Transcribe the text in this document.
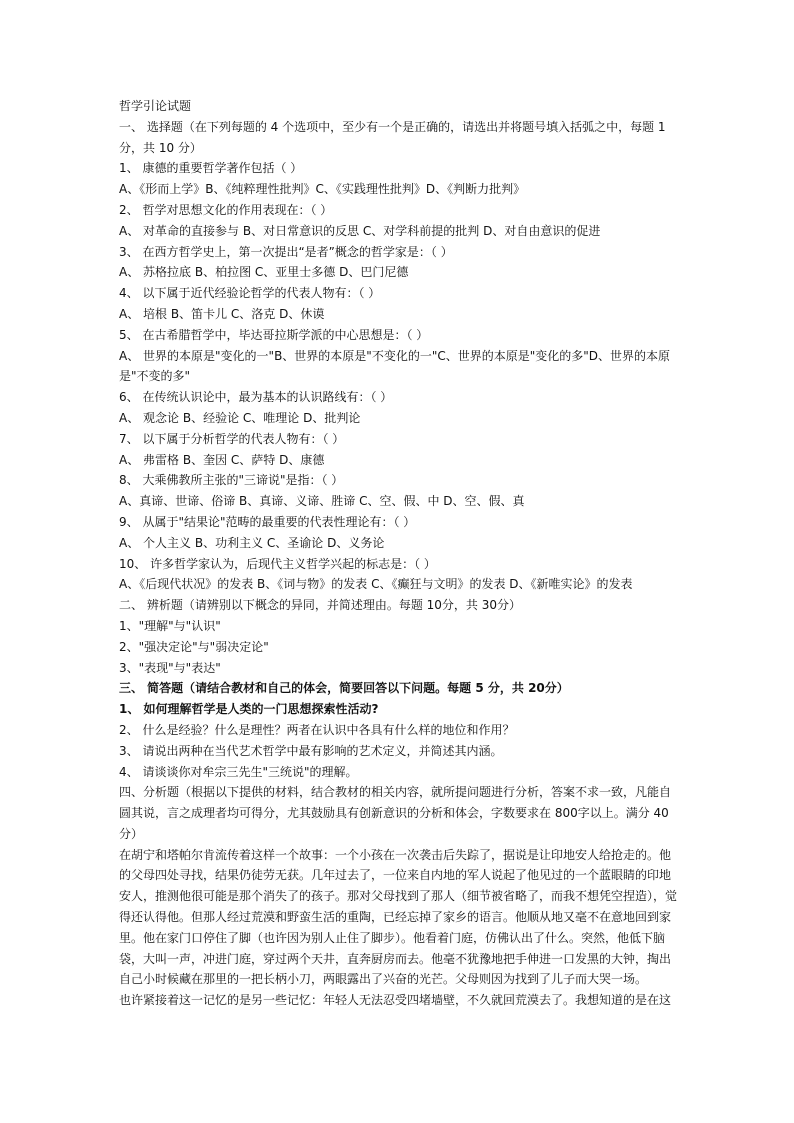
哲学引论试题
一、 选择题（在下列每题的 4 个选项中，至少有一个是正确的，请选出并将题号填入括弧之中，每题 1 分，共 10 分）
1、 康德的重要哲学著作包括（ ）
A、《形而上学》B、《纯粹理性批判》C、《实践理性批判》D、《判断力批判》
2、 哲学对思想文化的作用表现在：（ ）
A、 对革命的直接参与 B、对日常意识的反思 C、对学科前提的批判 D、对自由意识的促进
3、 在西方哲学史上，第一次提出“是者”概念的哲学家是：（ ）
A、 苏格拉底 B、柏拉图 C、亚里士多德 D、巴门尼德
4、 以下属于近代经验论哲学的代表人物有：（ ）
A、 培根 B、笛卡儿 C、洛克 D、休谟
5、 在古希腊哲学中，毕达哥拉斯学派的中心思想是：（ ）
A、 世界的本原是"变化的一"B、世界的本原是"不变化的一"C、世界的本原是"变化的多"D、世界的本原是"不变的多"
6、 在传统认识论中，最为基本的认识路线有：（ ）
A、 观念论 B、经验论 C、唯理论 D、批判论
7、 以下属于分析哲学的代表人物有：（ ）
A、 弗雷格 B、奎因 C、萨特 D、康德
8、 大乘佛教所主张的"三谛说"是指：（ ）
A、真谛、世谛、俗谛 B、真谛、义谛、胜谛 C、空、假、中 D、空、假、真
9、 从属于"结果论"范畴的最重要的代表性理论有：（ ）
A、 个人主义 B、功利主义 C、圣谕论 D、义务论
10、 许多哲学家认为，后现代主义哲学兴起的标志是：（ ）
A、《后现代状况》的发表 B、《词与物》的发表 C、《癫狂与文明》的发表 D、《新唯实论》的发表
二、 辨析题（请辨别以下概念的异同，并简述理由。每题 10分，共 30分）
1、"理解"与"认识"
2、"强决定论"与"弱决定论"
3、"表现"与"表达"
三、 简答题（请结合教材和自己的体会，简要回答以下问题。每题 5 分，共 20分）
1、 如何理解哲学是人类的一门思想探索性活动?
2、 什么是经验？什么是理性？两者在认识中各具有什么样的地位和作用？
3、 请说出两种在当代艺术哲学中最有影响的艺术定义，并简述其内涵。
4、 请谈谈你对牟宗三先生"三统说"的理解。
四、分析题（根据以下提供的材料，结合教材的相关内容，就所提问题进行分析，答案不求一致，凡能自圆其说，言之成理者均可得分，尤其鼓励具有创新意识的分析和体会，字数要求在 800字以上。满分 40分）
在胡宁和塔帕尔肯流传着这样一个故事：一个小孩在一次袭击后失踪了，据说是让印地安人给抢走的。他的父母四处寻找，结果仍徒劳无获。几年过去了，一位来自内地的军人说起了他见过的一个蓝眼睛的印地安人，推测他很可能是那个消失了的孩子。那对父母找到了那人（细节被省略了，而我不想凭空捏造），觉得还认得他。但那人经过荒漠和野蛮生活的重陶，已经忘掉了家乡的语言。他顺从地又毫不在意地回到家里。他在家门口停住了脚（也许因为别人止住了脚步）。他看着门庭，仿佛认出了什么。突然，他低下脑袋，大叫一声，冲进门庭，穿过两个天井，直奔厨房而去。他毫不犹豫地把手伸进一口发黑的大钟，掏出自己小时候藏在那里的一把长柄小刀，两眼露出了兴奋的光芒。父母则因为找到了儿子而大哭一场。
也许紧接着这一记忆的是另一些记忆：年轻人无法忍受四堵墙壁，不久就回荒漠去了。我想知道的是在这
